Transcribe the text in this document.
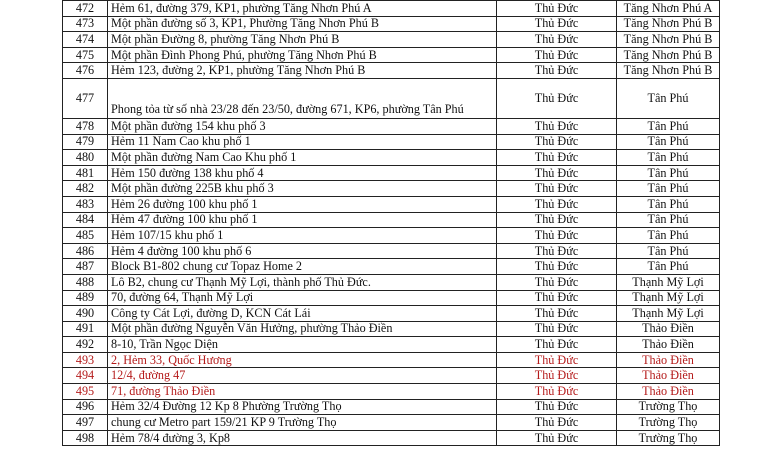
472	Hẻm 61, đường 379, KP1, phường Tăng Nhơn Phú A	Thủ Đức	Tăng Nhơn Phú A
473	Một phần đường số 3, KP1, Phường Tăng Nhơn Phú B	Thủ Đức	Tăng Nhơn Phú B
474	Một phần Đường 8, phường Tăng Nhơn Phú B	Thủ Đức	Tăng Nhơn Phú B
475	Một phần Đình Phong Phú, phường Tăng Nhơn Phú B	Thủ Đức	Tăng Nhơn Phú B
476	Hẻm 123, đường 2, KP1, phường Tăng Nhơn Phú B	Thủ Đức	Tăng Nhơn Phú B
477	Phong tỏa từ số nhà 23/28 đến 23/50, đường 671, KP6, phường Tân Phú	Thủ Đức	Tân Phú
478	Một phần đường 154 khu phố 3	Thủ Đức	Tân Phú
479	Hẻm 11 Nam Cao khu phố 1	Thủ Đức	Tân Phú
480	Một phần đường Nam Cao Khu phố 1	Thủ Đức	Tân Phú
481	Hẻm 150 đường 138 khu phố 4	Thủ Đức	Tân Phú
482	Một phần đường 225B khu phố 3	Thủ Đức	Tân Phú
483	Hẻm 26 đường 100 khu phố 1	Thủ Đức	Tân Phú
484	Hẻm 47 đường 100 khu phố 1	Thủ Đức	Tân Phú
485	Hẻm 107/15 khu phố 1	Thủ Đức	Tân Phú
486	Hẻm 4 đường 100 khu phố 6	Thủ Đức	Tân Phú
487	Block B1-802 chung cư Topaz Home 2	Thủ Đức	Tân Phú
488	Lô B2, chung cư Thạnh Mỹ Lợi, thành phố Thủ Đức.	Thủ Đức	Thạnh Mỹ Lợi
489	70, đường 64, Thạnh Mỹ Lợi	Thủ Đức	Thạnh Mỹ Lợi
490	Công ty Cát Lợi, đường D, KCN Cát Lái	Thủ Đức	Thạnh Mỹ Lợi
491	Một phần đường Nguyễn Văn Hưởng, phường Thảo Điền	Thủ Đức	Thảo Điền
492	8-10, Trần Ngọc Diện	Thủ Đức	Thảo Điền
493	2, Hẻm 33, Quốc Hương	Thủ Đức	Thảo Điền
494	12/4, đường 47	Thủ Đức	Thảo Điền
495	71, đường Thảo Điền	Thủ Đức	Thảo Điền
496	Hẻm 32/4 Đường 12 Kp 8 Phường Trường Thọ	Thủ Đức	Trường Thọ
497	chung cư Metro part 159/21 KP 9 Trường Thọ	Thủ Đức	Trường Thọ
498	Hẻm 78/4 đường 3, Kp8	Thủ Đức	Trường Thọ
